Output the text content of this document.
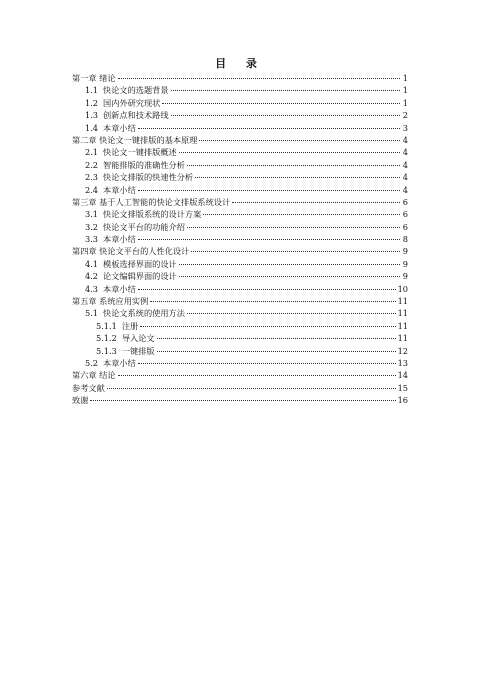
目 录
第一章 绪论	1
1.1 快论文的选题背景	1
1.2 国内外研究现状	1
1.3 创新点和技术路线	2
1.4 本章小结	3
第二章 快论文一键排版的基本原理	4
2.1 快论文一键排版概述	4
2.2 智能排版的准确性分析	4
2.3 快论文排版的快速性分析	4
2.4 本章小结	4
第三章 基于人工智能的快论文排版系统设计	6
3.1 快论文排版系统的设计方案	6
3.2 快论文平台的功能介绍	6
3.3 本章小结	8
第四章 快论文平台的人性化设计	9
4.1 模板选择界面的设计	9
4.2 论文编辑界面的设计	9
4.3 本章小结	10
第五章 系统应用实例	11
5.1 快论文系统的使用方法	11
5.1.1 注册	11
5.1.2 导入论文	11
5.1.3 一键排版	12
5.2 本章小结	13
第六章 结论	14
参考文献	15
致谢	16
